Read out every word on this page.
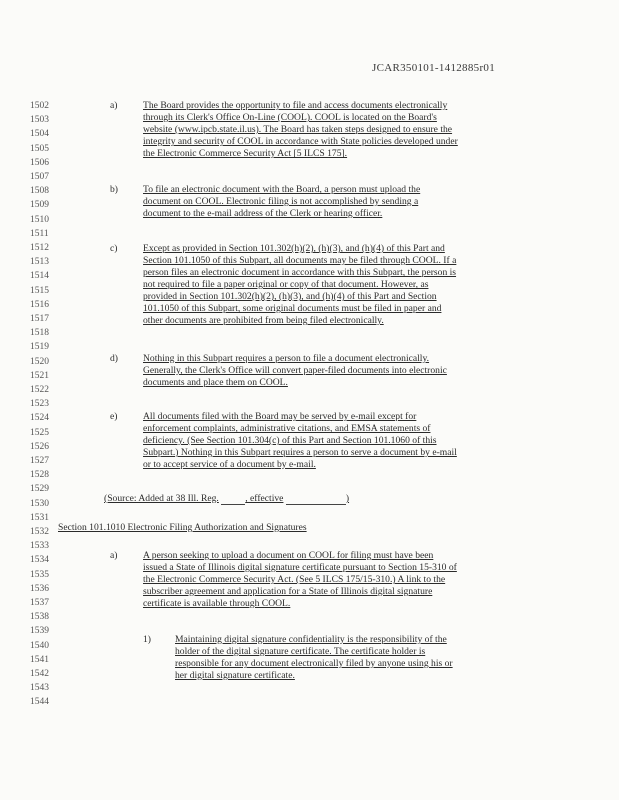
JCAR350101-1412885r01
1502
1503
1504
1505
1506
1507
1508
1509
1510
1511
1512
1513
1514
1515
1516
1517
1518
1519
1520
1521
1522
1523
1524
1525
1526
1527
1528
1529
1530
1531
1532
1533
1534
1535
1536
1537
1538
1539
1540
1541
1542
1543
1544
a)	The Board provides the opportunity to file and access documents electronically
through its Clerk's Office On-Line (COOL). COOL is located on the Board's
website (www.ipcb.state.il.us). The Board has taken steps designed to ensure the
integrity and security of COOL in accordance with State policies developed under
the Electronic Commerce Security Act [5 ILCS 175].
b)	To file an electronic document with the Board, a person must upload the
document on COOL. Electronic filing is not accomplished by sending a
document to the e-mail address of the Clerk or hearing officer.
c)	Except as provided in Section 101.302(h)(2), (h)(3), and (h)(4) of this Part and
Section 101.1050 of this Subpart, all documents may be filed through COOL. If a
person files an electronic document in accordance with this Subpart, the person is
not required to file a paper original or copy of that document. However, as
provided in Section 101.302(h)(2), (h)(3), and (h)(4) of this Part and Section
101.1050 of this Subpart, some original documents must be filed in paper and
other documents are prohibited from being filed electronically.
d)	Nothing in this Subpart requires a person to file a document electronically.
Generally, the Clerk's Office will convert paper-filed documents into electronic
documents and place them on COOL.
e)	All documents filed with the Board may be served by e-mail except for
enforcement complaints, administrative citations, and EMSA statements of
deficiency. (See Section 101.304(c) of this Part and Section 101.1060 of this
Subpart.) Nothing in this Subpart requires a person to serve a document by e-mail
or to accept service of a document by e-mail.
(Source: Added at 38 Ill. Reg.	, effective	)
Section 101.1010 Electronic Filing Authorization and Signatures
a)	A person seeking to upload a document on COOL for filing must have been
issued a State of Illinois digital signature certificate pursuant to Section 15-310 of
the Electronic Commerce Security Act. (See 5 ILCS 175/15-310.) A link to the
subscriber agreement and application for a State of Illinois digital signature
certificate is available through COOL.
1)	Maintaining digital signature confidentiality is the responsibility of the
holder of the digital signature certificate. The certificate holder is
responsible for any document electronically filed by anyone using his or
her digital signature certificate.
